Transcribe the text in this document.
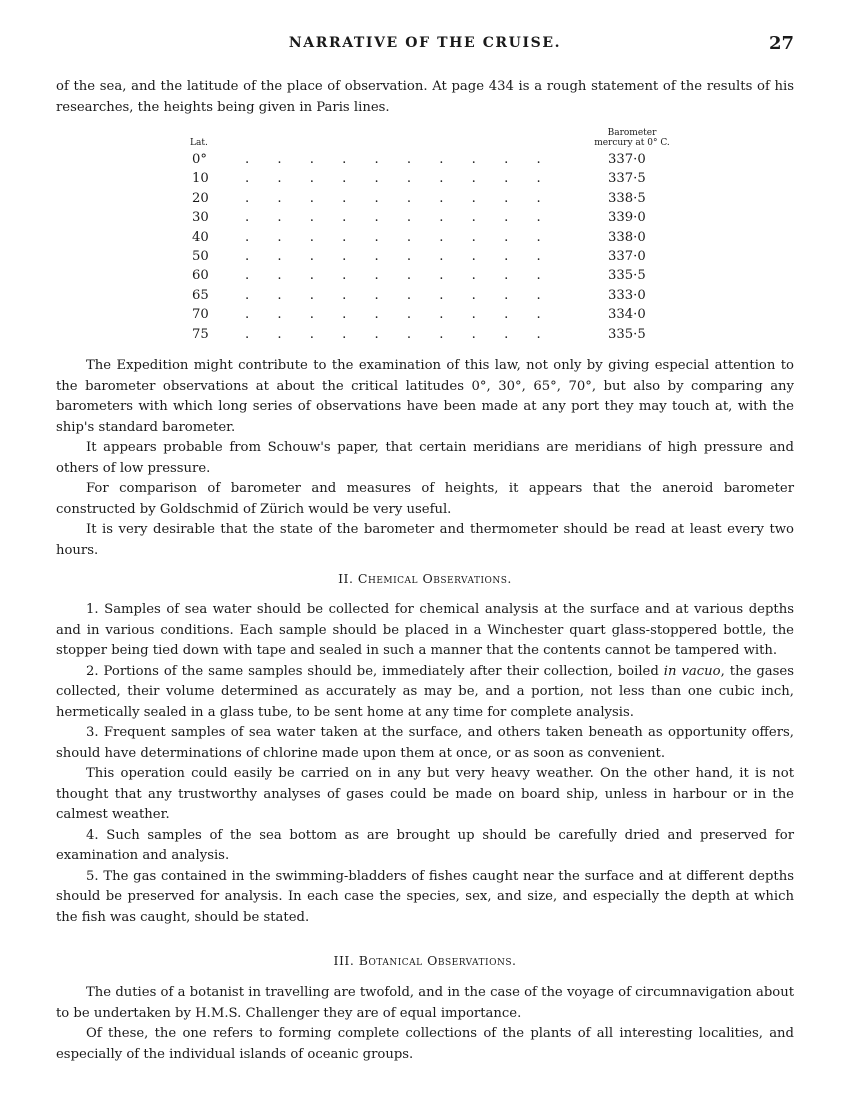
NARRATIVE OF THE CRUISE.	27

of the sea, and the latitude of the place of observation. At page 434 is a rough statement of the results of his researches, the heights being given in Paris lines.

Lat.
Barometer
mercury at 0° C.
0°	. . . . . . . . . .	337·0
10	. . . . . . . . . .	337·5
20	. . . . . . . . . .	338·5
30	. . . . . . . . . .	339·0
40	. . . . . . . . . .	338·0
50	. . . . . . . . . .	337·0
60	. . . . . . . . . .	335·5
65	. . . . . . . . . .	333·0
70	. . . . . . . . . .	334·0
75	. . . . . . . . . .	335·5

The Expedition might contribute to the examination of this law, not only by giving especial attention to the barometer observations at about the critical latitudes 0°, 30°, 65°, 70°, but also by comparing any barometers with which long series of observations have been made at any port they may touch at, with the ship's standard barometer.

It appears probable from Schouw's paper, that certain meridians are meridians of high pressure and others of low pressure.

For comparison of barometer and measures of heights, it appears that the aneroid barometer constructed by Goldschmid of Zürich would be very useful.

It is very desirable that the state of the barometer and thermometer should be read at least every two hours.

II. Chemical Observations.

1. Samples of sea water should be collected for chemical analysis at the surface and at various depths and in various conditions. Each sample should be placed in a Winchester quart glass-stoppered bottle, the stopper being tied down with tape and sealed in such a manner that the contents cannot be tampered with.

2. Portions of the same samples should be, immediately after their collection, boiled in vacuo, the gases collected, their volume determined as accurately as may be, and a portion, not less than one cubic inch, hermetically sealed in a glass tube, to be sent home at any time for complete analysis.

3. Frequent samples of sea water taken at the surface, and others taken beneath as opportunity offers, should have determinations of chlorine made upon them at once, or as soon as convenient.

This operation could easily be carried on in any but very heavy weather. On the other hand, it is not thought that any trustworthy analyses of gases could be made on board ship, unless in harbour or in the calmest weather.

4. Such samples of the sea bottom as are brought up should be carefully dried and preserved for examination and analysis.

5. The gas contained in the swimming-bladders of fishes caught near the surface and at different depths should be preserved for analysis. In each case the species, sex, and size, and especially the depth at which the fish was caught, should be stated.

III. Botanical Observations.

The duties of a botanist in travelling are twofold, and in the case of the voyage of circumnavigation about to be undertaken by H.M.S. Challenger they are of equal importance.

Of these, the one refers to forming complete collections of the plants of all interesting localities, and especially of the individual islands of oceanic groups.
